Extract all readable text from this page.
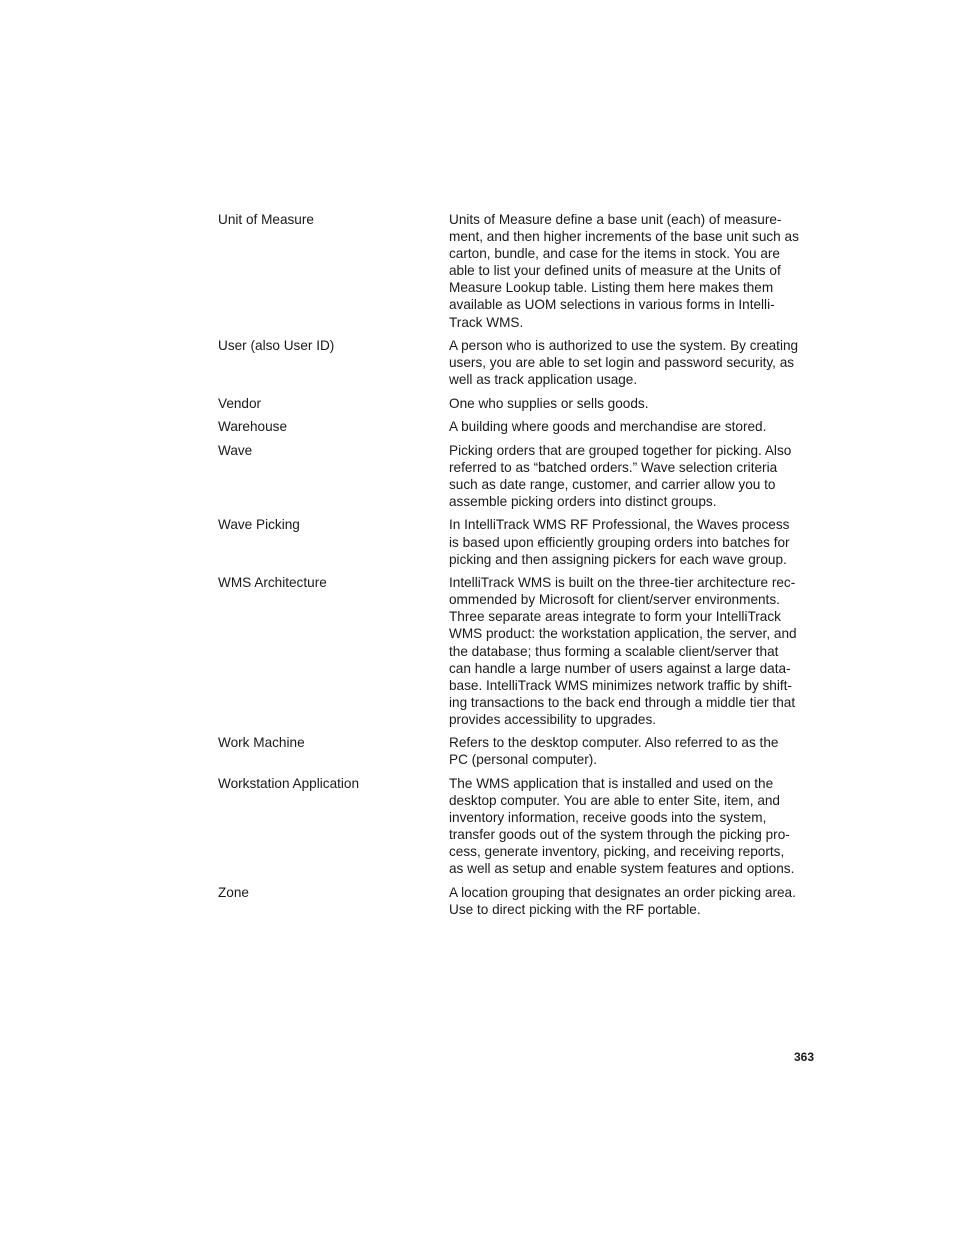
Unit of Measure	Units of Measure define a base unit (each) of measure-
ment, and then higher increments of the base unit such as
carton, bundle, and case for the items in stock. You are
able to list your defined units of measure at the Units of
Measure Lookup table. Listing them here makes them
available as UOM selections in various forms in Intelli-
Track WMS.
User (also User ID)	A person who is authorized to use the system. By creating
users, you are able to set login and password security, as
well as track application usage.
Vendor	One who supplies or sells goods.
Warehouse	A building where goods and merchandise are stored.
Wave	Picking orders that are grouped together for picking. Also
referred to as “batched orders.” Wave selection criteria
such as date range, customer, and carrier allow you to
assemble picking orders into distinct groups.
Wave Picking	In IntelliTrack WMS RF Professional, the Waves process
is based upon efficiently grouping orders into batches for
picking and then assigning pickers for each wave group.
WMS Architecture	IntelliTrack WMS is built on the three-tier architecture rec-
ommended by Microsoft for client/server environments.
Three separate areas integrate to form your IntelliTrack
WMS product: the workstation application, the server, and
the database; thus forming a scalable client/server that
can handle a large number of users against a large data-
base. IntelliTrack WMS minimizes network traffic by shift-
ing transactions to the back end through a middle tier that
provides accessibility to upgrades.
Work Machine	Refers to the desktop computer. Also referred to as the
PC (personal computer).
Workstation Application	The WMS application that is installed and used on the
desktop computer. You are able to enter Site, item, and
inventory information, receive goods into the system,
transfer goods out of the system through the picking pro-
cess, generate inventory, picking, and receiving reports,
as well as setup and enable system features and options.
Zone	A location grouping that designates an order picking area.
Use to direct picking with the RF portable.
363
